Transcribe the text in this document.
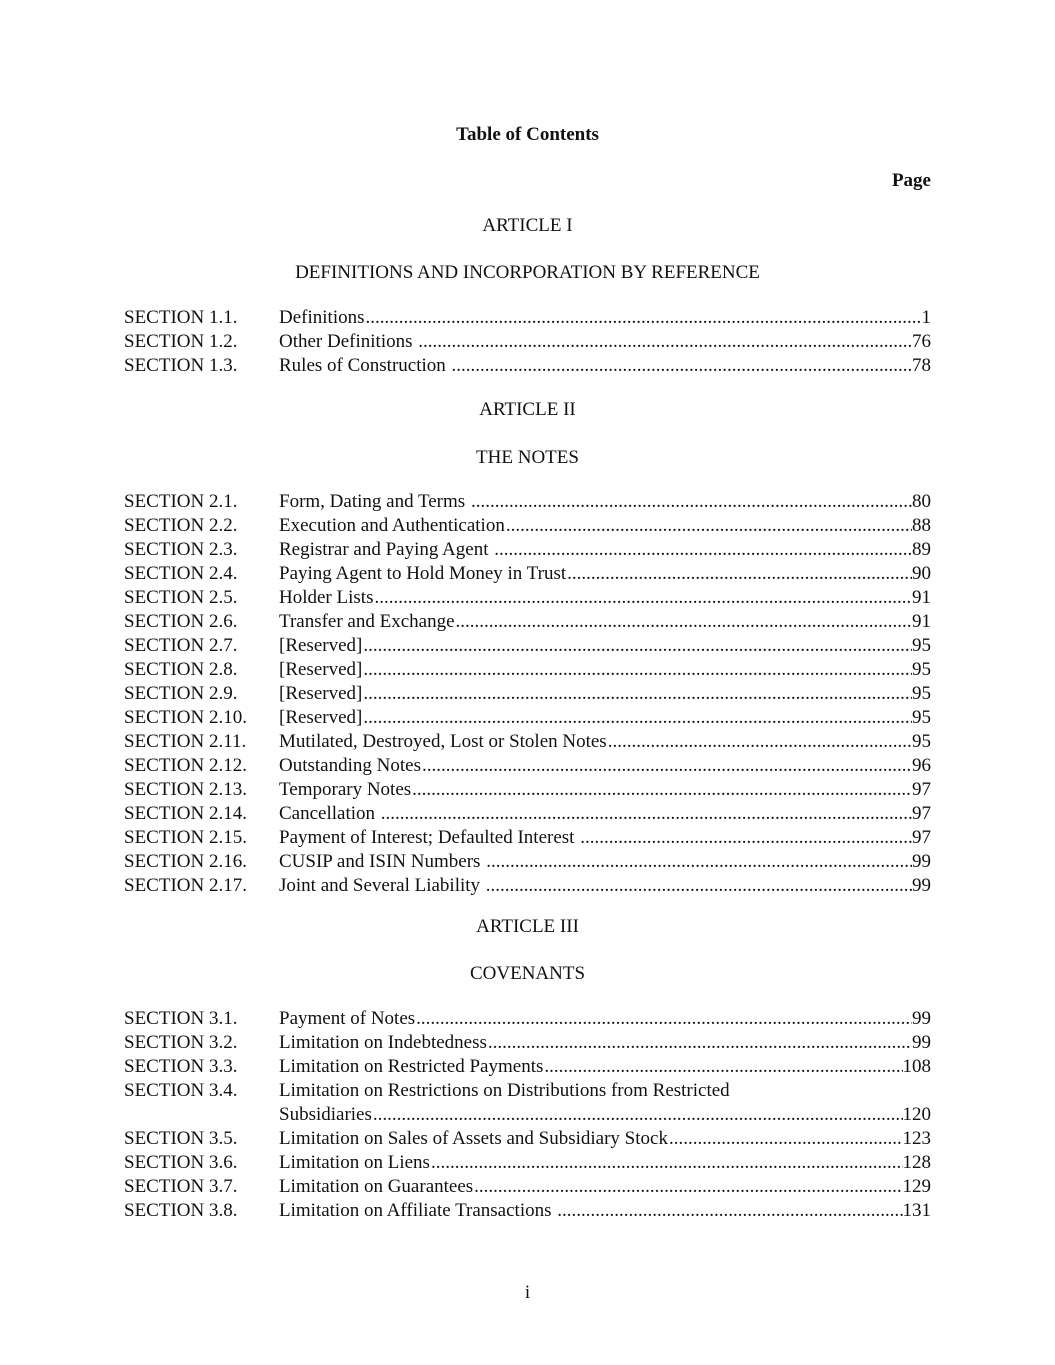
Table of Contents
Page
ARTICLE I
DEFINITIONS AND INCORPORATION BY REFERENCE
SECTION 1.1.	Definitions .....	1
SECTION 1.2.	Other Definitions .....	76
SECTION 1.3.	Rules of Construction .....	78
ARTICLE II
THE NOTES
SECTION 2.1.	Form, Dating and Terms .....	80
SECTION 2.2.	Execution and Authentication .....	88
SECTION 2.3.	Registrar and Paying Agent .....	89
SECTION 2.4.	Paying Agent to Hold Money in Trust .....	90
SECTION 2.5.	Holder Lists .....	91
SECTION 2.6.	Transfer and Exchange .....	91
SECTION 2.7.	[Reserved] .....	95
SECTION 2.8.	[Reserved] .....	95
SECTION 2.9.	[Reserved] .....	95
SECTION 2.10.	[Reserved] .....	95
SECTION 2.11.	Mutilated, Destroyed, Lost or Stolen Notes .....	95
SECTION 2.12.	Outstanding Notes .....	96
SECTION 2.13.	Temporary Notes .....	97
SECTION 2.14.	Cancellation .....	97
SECTION 2.15.	Payment of Interest; Defaulted Interest .....	97
SECTION 2.16.	CUSIP and ISIN Numbers .....	99
SECTION 2.17.	Joint and Several Liability .....	99
ARTICLE III
COVENANTS
SECTION 3.1.	Payment of Notes .....	99
SECTION 3.2.	Limitation on Indebtedness .....	99
SECTION 3.3.	Limitation on Restricted Payments .....	108
SECTION 3.4.	Limitation on Restrictions on Distributions from Restricted
Subsidiaries .....	120
SECTION 3.5.	Limitation on Sales of Assets and Subsidiary Stock .....	123
SECTION 3.6.	Limitation on Liens .....	128
SECTION 3.7.	Limitation on Guarantees .....	129
SECTION 3.8.	Limitation on Affiliate Transactions .....	131
i
